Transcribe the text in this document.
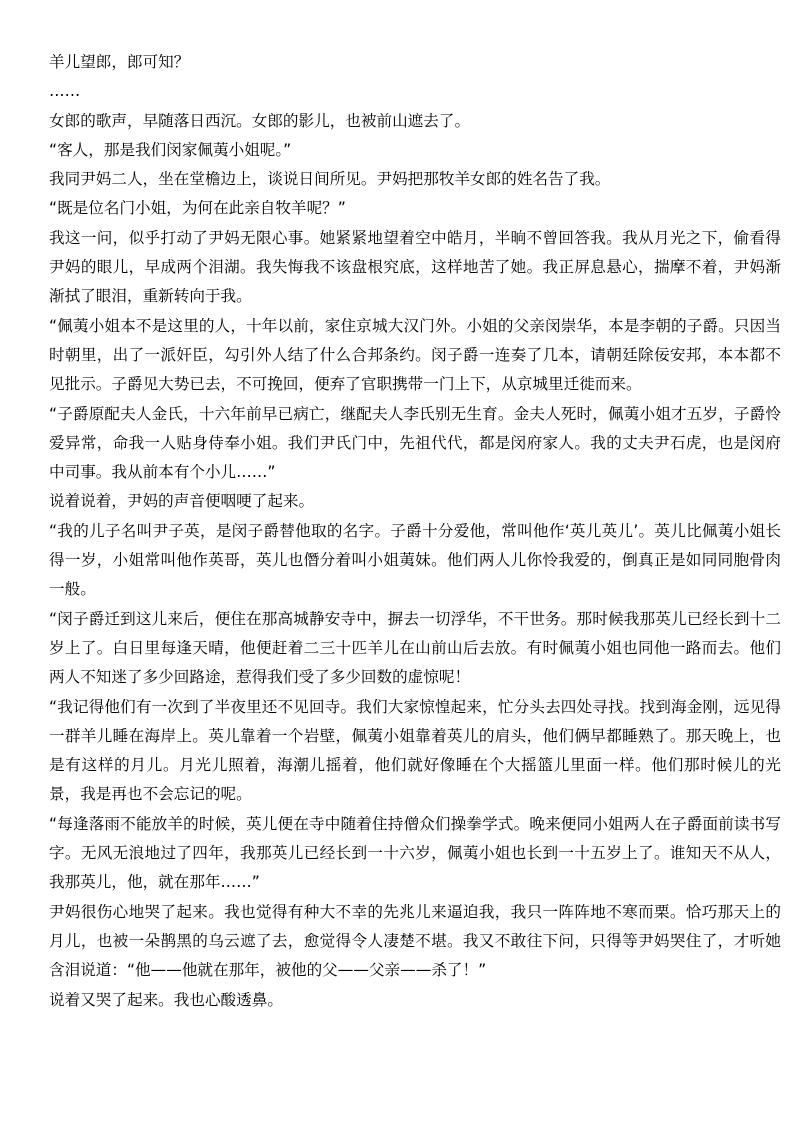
羊儿望郎，郎可知？

……

女郎的歌声，早随落日西沉。女郎的影儿，也被前山遮去了。

“客人，那是我们闵家佩荑小姐呢。”

我同尹妈二人，坐在堂檐边上，谈说日间所见。尹妈把那牧羊女郎的姓名告了我。

“既是位名门小姐，为何在此亲自牧羊呢？”

我这一问，似乎打动了尹妈无限心事。她紧紧地望着空中皓月，半晌不曾回答我。我从月光之下，偷看得尹妈的眼儿，早成两个泪湖。我失悔我不该盘根究底，这样地苦了她。我正屏息悬心，揣摩不着，尹妈渐渐拭了眼泪，重新转向于我。

“佩荑小姐本不是这里的人，十年以前，家住京城大汉门外。小姐的父亲闵崇华，本是李朝的子爵。只因当时朝里，出了一派奸臣，勾引外人结了什么合邦条约。闵子爵一连奏了几本，请朝廷除佞安邦，本本都不见批示。子爵见大势已去，不可挽回，便弃了官职携带一门上下，从京城里迁徙而来。

“子爵原配夫人金氏，十六年前早已病亡，继配夫人李氏别无生育。金夫人死时，佩荑小姐才五岁，子爵怜爱异常，命我一人贴身侍奉小姐。我们尹氏门中，先祖代代，都是闵府家人。我的丈夫尹石虎，也是闵府中司事。我从前本有个小儿……”

说着说着，尹妈的声音便咽哽了起来。

“我的儿子名叫尹子英，是闵子爵替他取的名字。子爵十分爱他，常叫他作‘英儿英儿’。英儿比佩荑小姐长得一岁，小姐常叫他作英哥，英儿也僭分着叫小姐荑妹。他们两人儿你怜我爱的，倒真正是如同同胞骨肉一般。

“闵子爵迁到这儿来后，便住在那高城静安寺中，摒去一切浮华，不干世务。那时候我那英儿已经长到十二岁上了。白日里每逢天晴，他便赶着二三十匹羊儿在山前山后去放。有时佩荑小姐也同他一路而去。他们两人不知迷了多少回路途，惹得我们受了多少回数的虚惊呢！

“我记得他们有一次到了半夜里还不见回寺。我们大家惊惶起来，忙分头去四处寻找。找到海金刚，远见得一群羊儿睡在海岸上。英儿靠着一个岩壁，佩荑小姐靠着英儿的肩头，他们俩早都睡熟了。那天晚上，也是有这样的月儿。月光儿照着，海潮儿摇着，他们就好像睡在个大摇篮儿里面一样。他们那时候儿的光景，我是再也不会忘记的呢。

“每逢落雨不能放羊的时候，英儿便在寺中随着住持僧众们操拳学式。晚来便同小姐两人在子爵面前读书写字。无风无浪地过了四年，我那英儿已经长到一十六岁，佩荑小姐也长到一十五岁上了。谁知天不从人，我那英儿，他，就在那年……”

尹妈很伤心地哭了起来。我也觉得有种大不幸的先兆儿来逼迫我，我只一阵阵地不寒而栗。恰巧那天上的月儿，也被一朵鹊黑的乌云遮了去，愈觉得令人凄楚不堪。我又不敢往下问，只得等尹妈哭住了，才听她含泪说道：“他——他就在那年，被他的父——父亲——杀了！”

说着又哭了起来。我也心酸透鼻。
